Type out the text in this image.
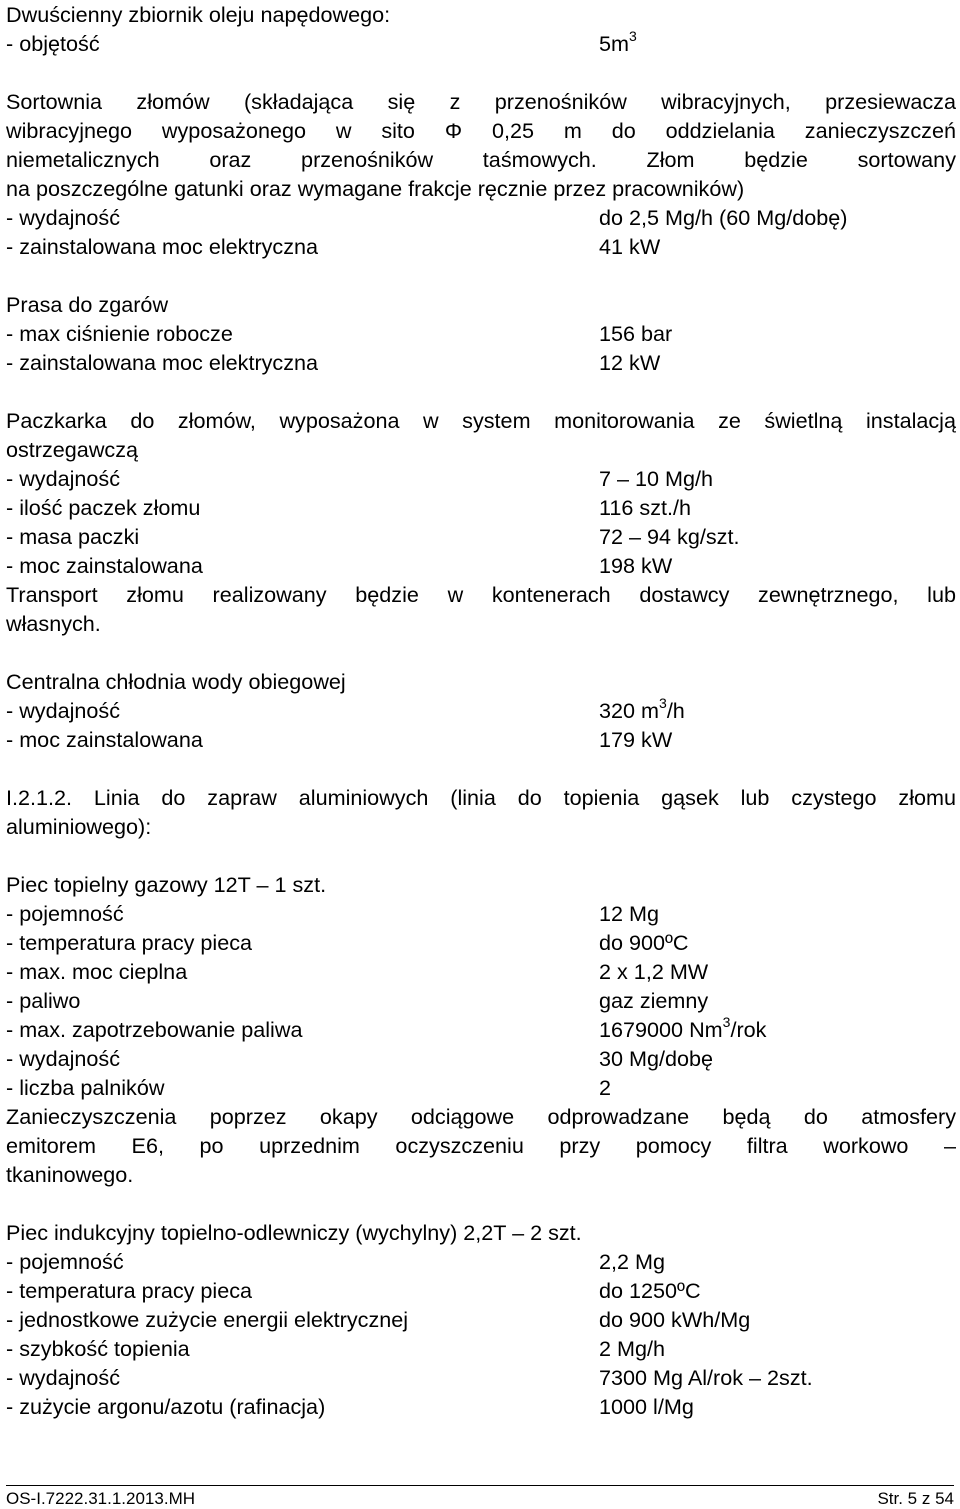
Dwuścienny zbiornik oleju napędowego:
- objętość	$5m^3$
Sortownia złomów (składająca się z przenośników wibracyjnych, przesiewacza
wibracyjnego wyposażonego w sito Φ 0,25 m do oddzielania zanieczyszczeń
niemetalicznych oraz przenośników taśmowych. Złom będzie sortowany
na poszczególne gatunki oraz wymagane frakcje ręcznie przez pracowników)
- wydajność	do 2,5 Mg/h (60 Mg/dobę)
- zainstalowana moc elektryczna	41 kW
Prasa do zgarów
- max ciśnienie robocze	156 bar
- zainstalowana moc elektryczna	12 kW
Paczkarka do złomów, wyposażona w system monitorowania ze świetlną instalacją
ostrzegawczą
- wydajność	7 – 10 Mg/h
- ilość paczek złomu	116 szt./h
- masa paczki	72 – 94 kg/szt.
- moc zainstalowana	198 kW
Transport złomu realizowany będzie w kontenerach dostawcy zewnętrznego, lub
własnych.
Centralna chłodnia wody obiegowej
- wydajność	320 $m^3/h$
- moc zainstalowana	179 kW
I.2.1.2. Linia do zapraw aluminiowych (linia do topienia gąsek lub czystego złomu
aluminiowego):
Piec topielny gazowy 12T – 1 szt.
- pojemność	12 Mg
- temperatura pracy pieca	do 900ºC
- max. moc cieplna	2 x 1,2 MW
- paliwo	gaz ziemny
- max. zapotrzebowanie paliwa	1679000 Nm$^3$/rok
- wydajność	30 Mg/dobę
- liczba palników	2
Zanieczyszczenia poprzez okapy odciągowe odprowadzane będą do atmosfery
emitorem E6, po uprzednim oczyszczeniu przy pomocy filtra workowo –
tkaninowego.
Piec indukcyjny topielno-odlewniczy (wychylny) 2,2T – 2 szt.
- pojemność	2,2 Mg
- temperatura pracy pieca	do 1250ºC
- jednostkowe zużycie energii elektrycznej	do 900 kWh/Mg
- szybkość topienia	2 Mg/h
- wydajność	7300 Mg Al/rok – 2szt.
- zużycie argonu/azotu (rafinacja)	1000 l/Mg
OS-I.7222.31.1.2013.MH	Str. 5 z 54
